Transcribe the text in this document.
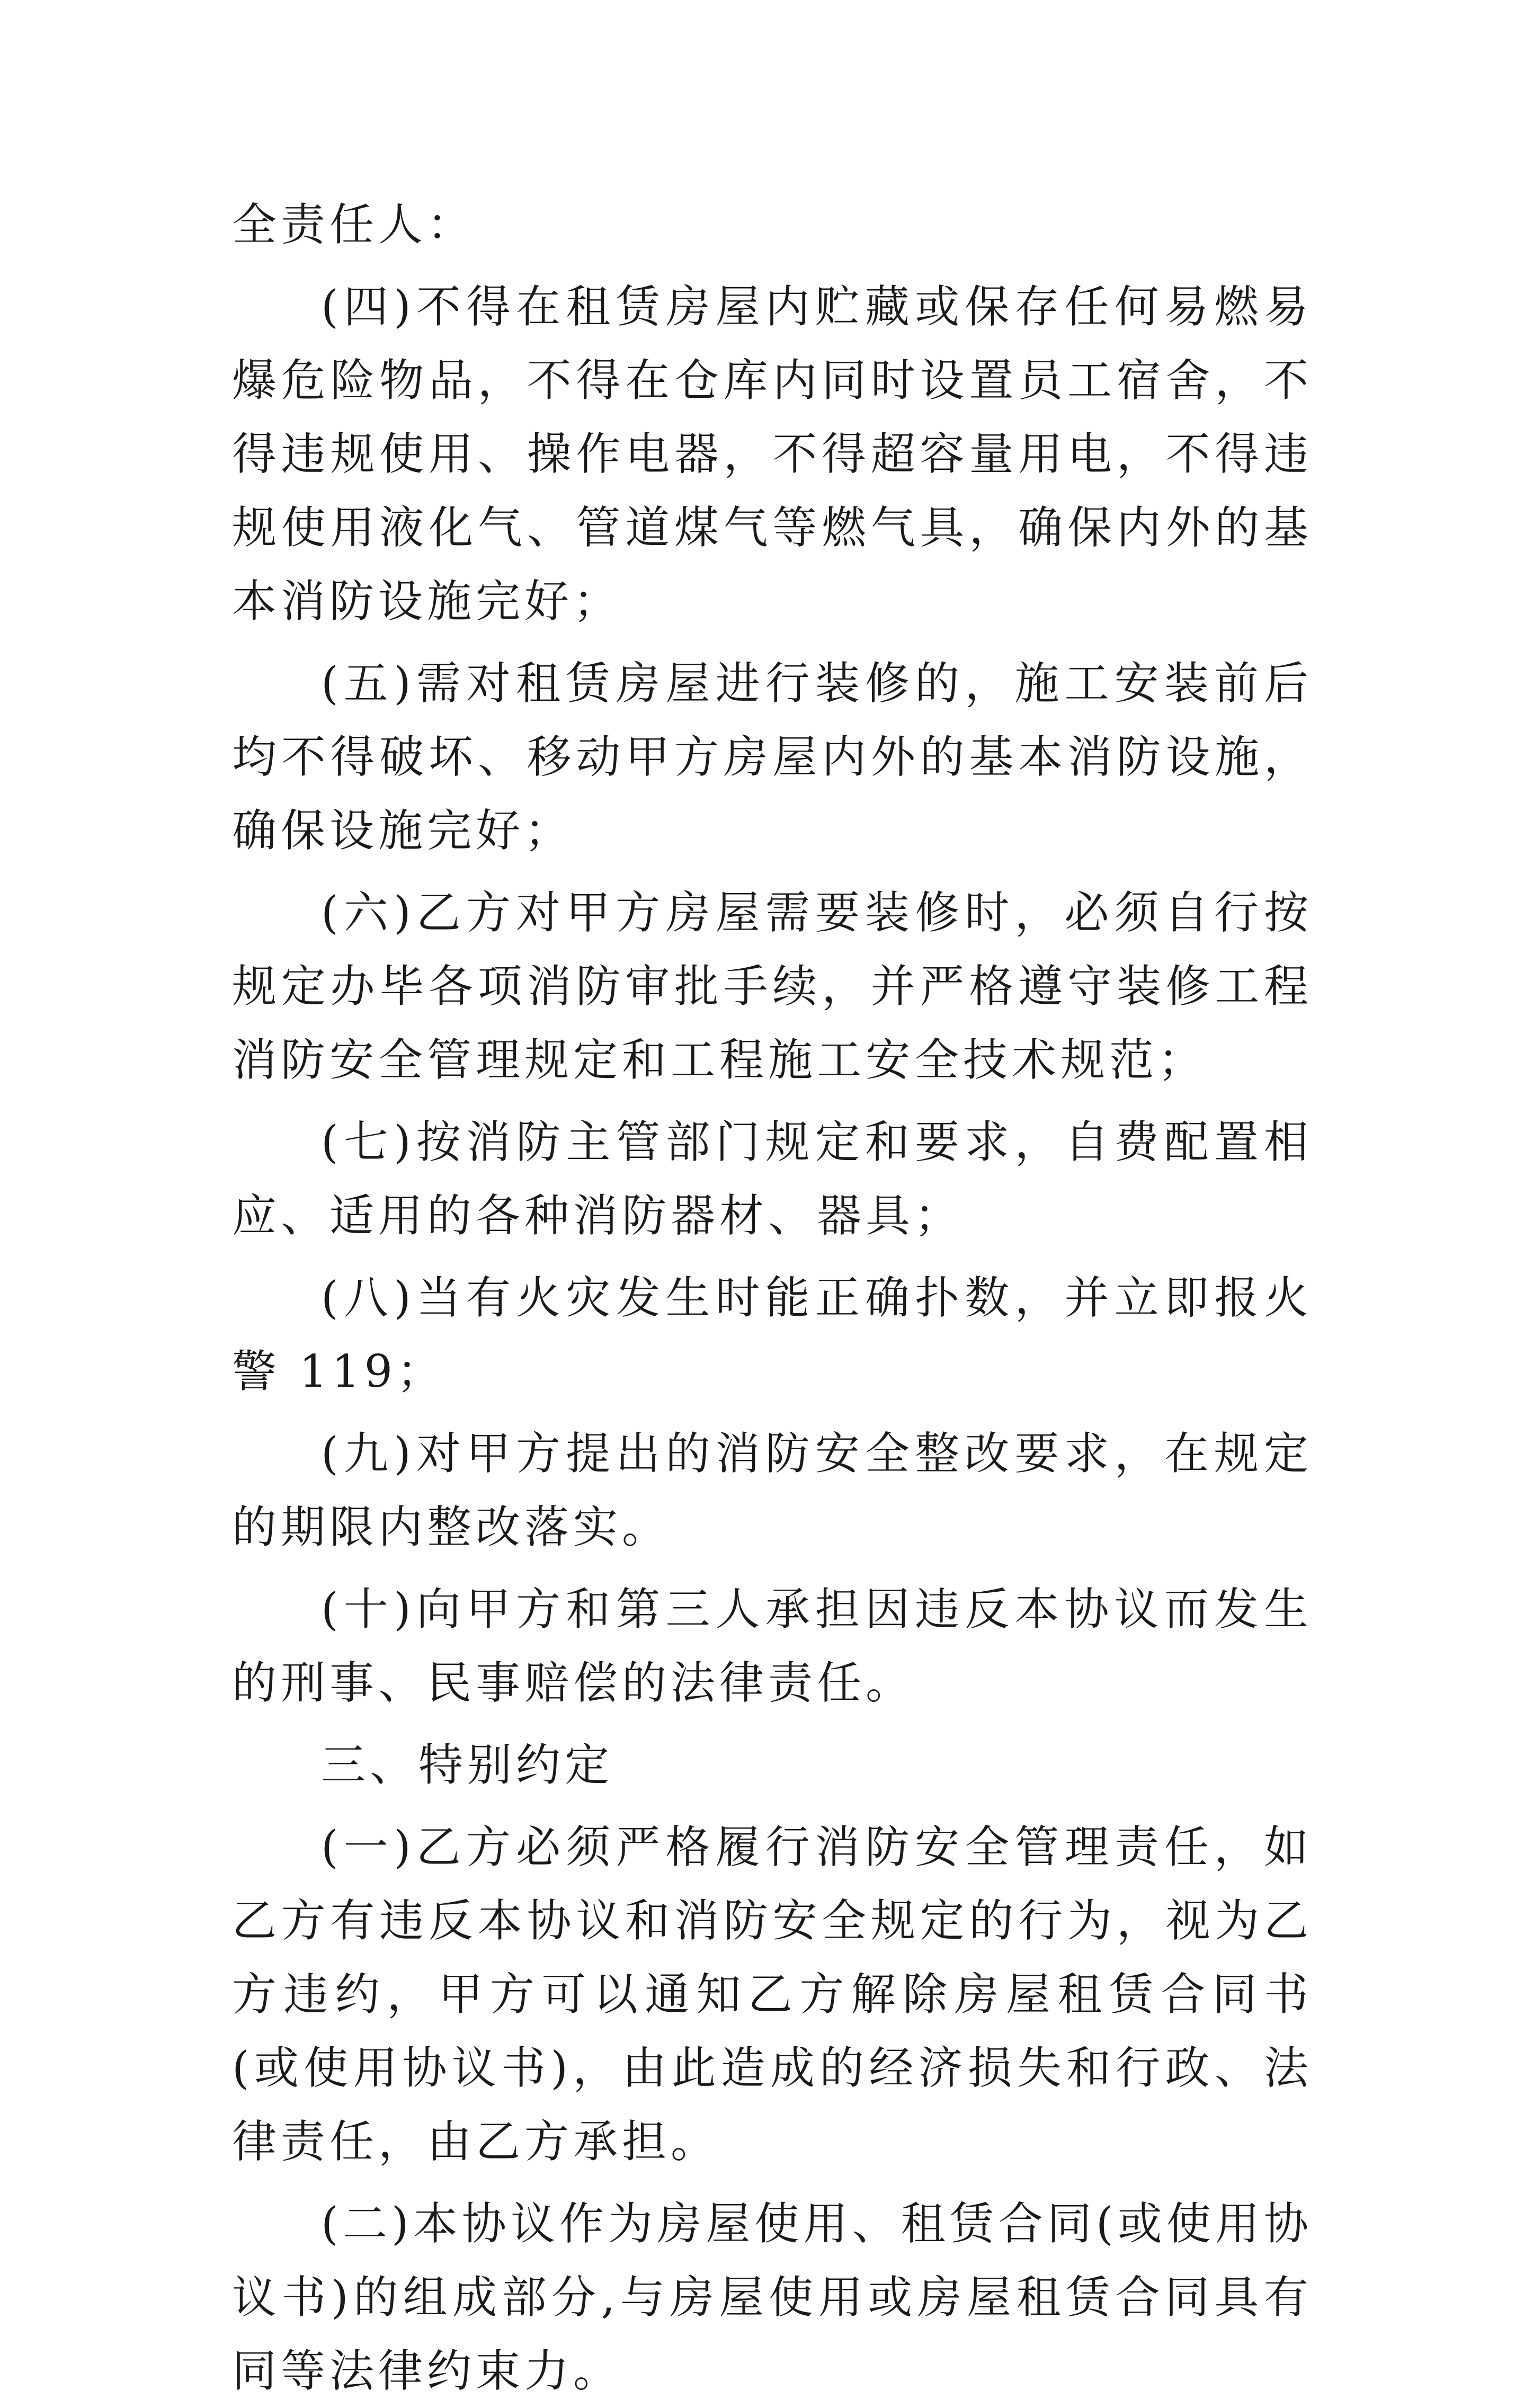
全责任人：

(四)不得在租赁房屋内贮藏或保存任何易燃易爆危险物品，不得在仓库内同时设置员工宿舍，不得违规使用、操作电器，不得超容量用电，不得违规使用液化气、管道煤气等燃气具，确保内外的基本消防设施完好；

(五)需对租赁房屋进行装修的，施工安装前后均不得破坏、移动甲方房屋内外的基本消防设施，确保设施完好；

(六)乙方对甲方房屋需要装修时，必须自行按规定办毕各项消防审批手续，并严格遵守装修工程消防安全管理规定和工程施工安全技术规范；

(七)按消防主管部门规定和要求，自费配置相应、适用的各种消防器材、器具；

(八)当有火灾发生时能正确扑数，并立即报火警 119；

(九)对甲方提出的消防安全整改要求，在规定的期限内整改落实。

(十)向甲方和第三人承担因违反本协议而发生的刑事、民事赔偿的法律责任。

三、特别约定

(一)乙方必须严格履行消防安全管理责任，如乙方有违反本协议和消防安全规定的行为，视为乙方违约，甲方可以通知乙方解除房屋租赁合同书(或使用协议书)，由此造成的经济损失和行政、法律责任，由乙方承担。

(二)本协议作为房屋使用、租赁合同(或使用协议书)的组成部分,与房屋使用或房屋租赁合同具有同等法律约束力。
